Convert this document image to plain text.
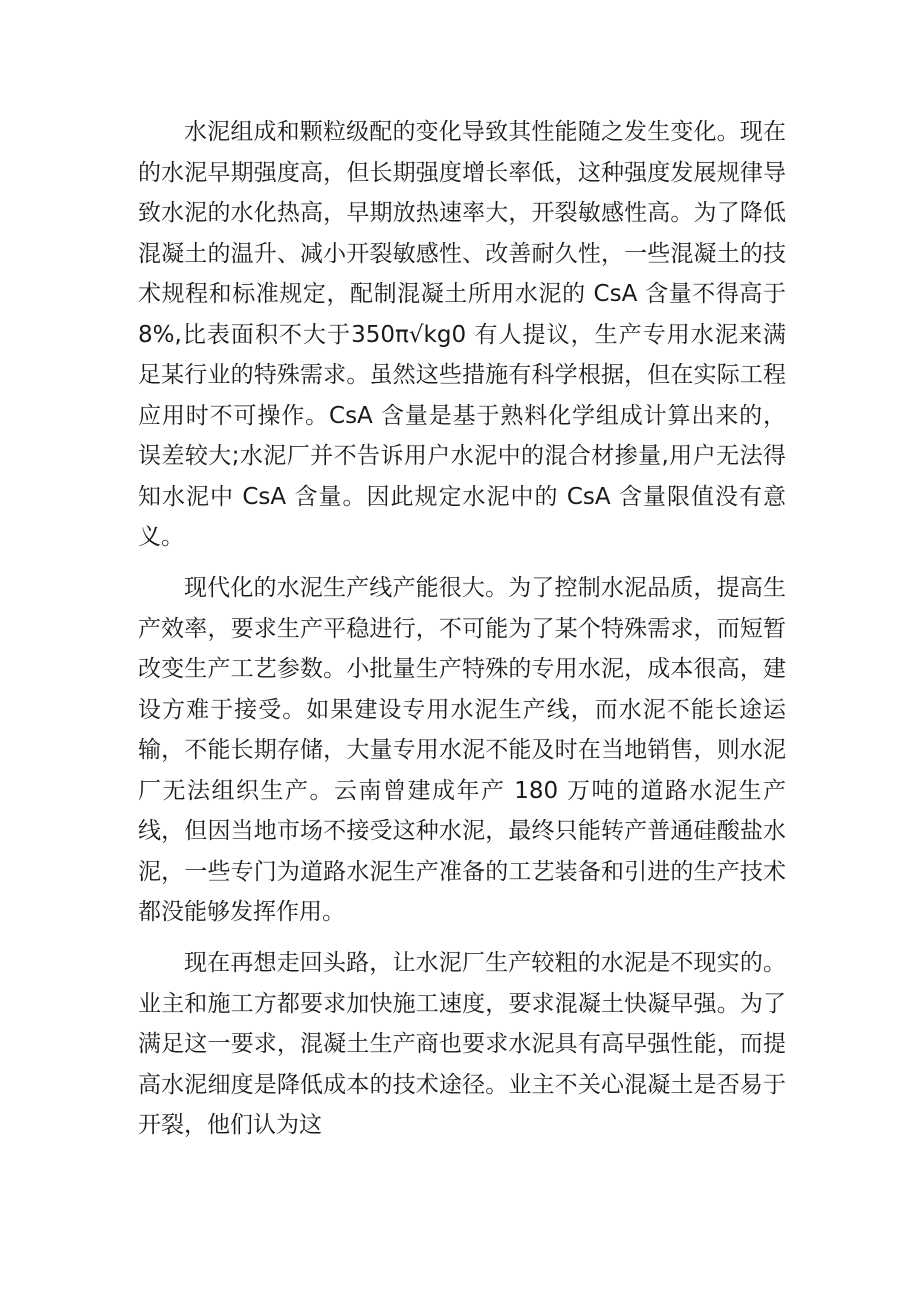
水泥组成和颗粒级配的变化导致其性能随之发生变化。现在的水泥早期强度高，但长期强度增长率低，这种强度发展规律导致水泥的水化热高，早期放热速率大，开裂敏感性高。为了降低混凝土的温升、减小开裂敏感性、改善耐久性，一些混凝土的技术规程和标准规定，配制混凝土所用水泥的 CsA 含量不得高于 8%,比表面积不大于350π√kg0 有人提议，生产专用水泥来满足某行业的特殊需求。虽然这些措施有科学根据，但在实际工程应用时不可操作。CsA 含量是基于熟料化学组成计算出来的，误差较大;水泥厂并不告诉用户水泥中的混合材掺量,用户无法得知水泥中 CsA 含量。因此规定水泥中的 CsA 含量限值没有意义。

现代化的水泥生产线产能很大。为了控制水泥品质，提高生产效率，要求生产平稳进行，不可能为了某个特殊需求，而短暂改变生产工艺参数。小批量生产特殊的专用水泥，成本很高，建设方难于接受。如果建设专用水泥生产线，而水泥不能长途运输，不能长期存储，大量专用水泥不能及时在当地销售，则水泥厂无法组织生产。云南曾建成年产 180 万吨的道路水泥生产线，但因当地市场不接受这种水泥，最终只能转产普通硅酸盐水泥，一些专门为道路水泥生产准备的工艺装备和引进的生产技术都没能够发挥作用。

现在再想走回头路，让水泥厂生产较粗的水泥是不现实的。业主和施工方都要求加快施工速度，要求混凝土快凝早强。为了满足这一要求，混凝土生产商也要求水泥具有高早强性能，而提高水泥细度是降低成本的技术途径。业主不关心混凝土是否易于开裂，他们认为这
